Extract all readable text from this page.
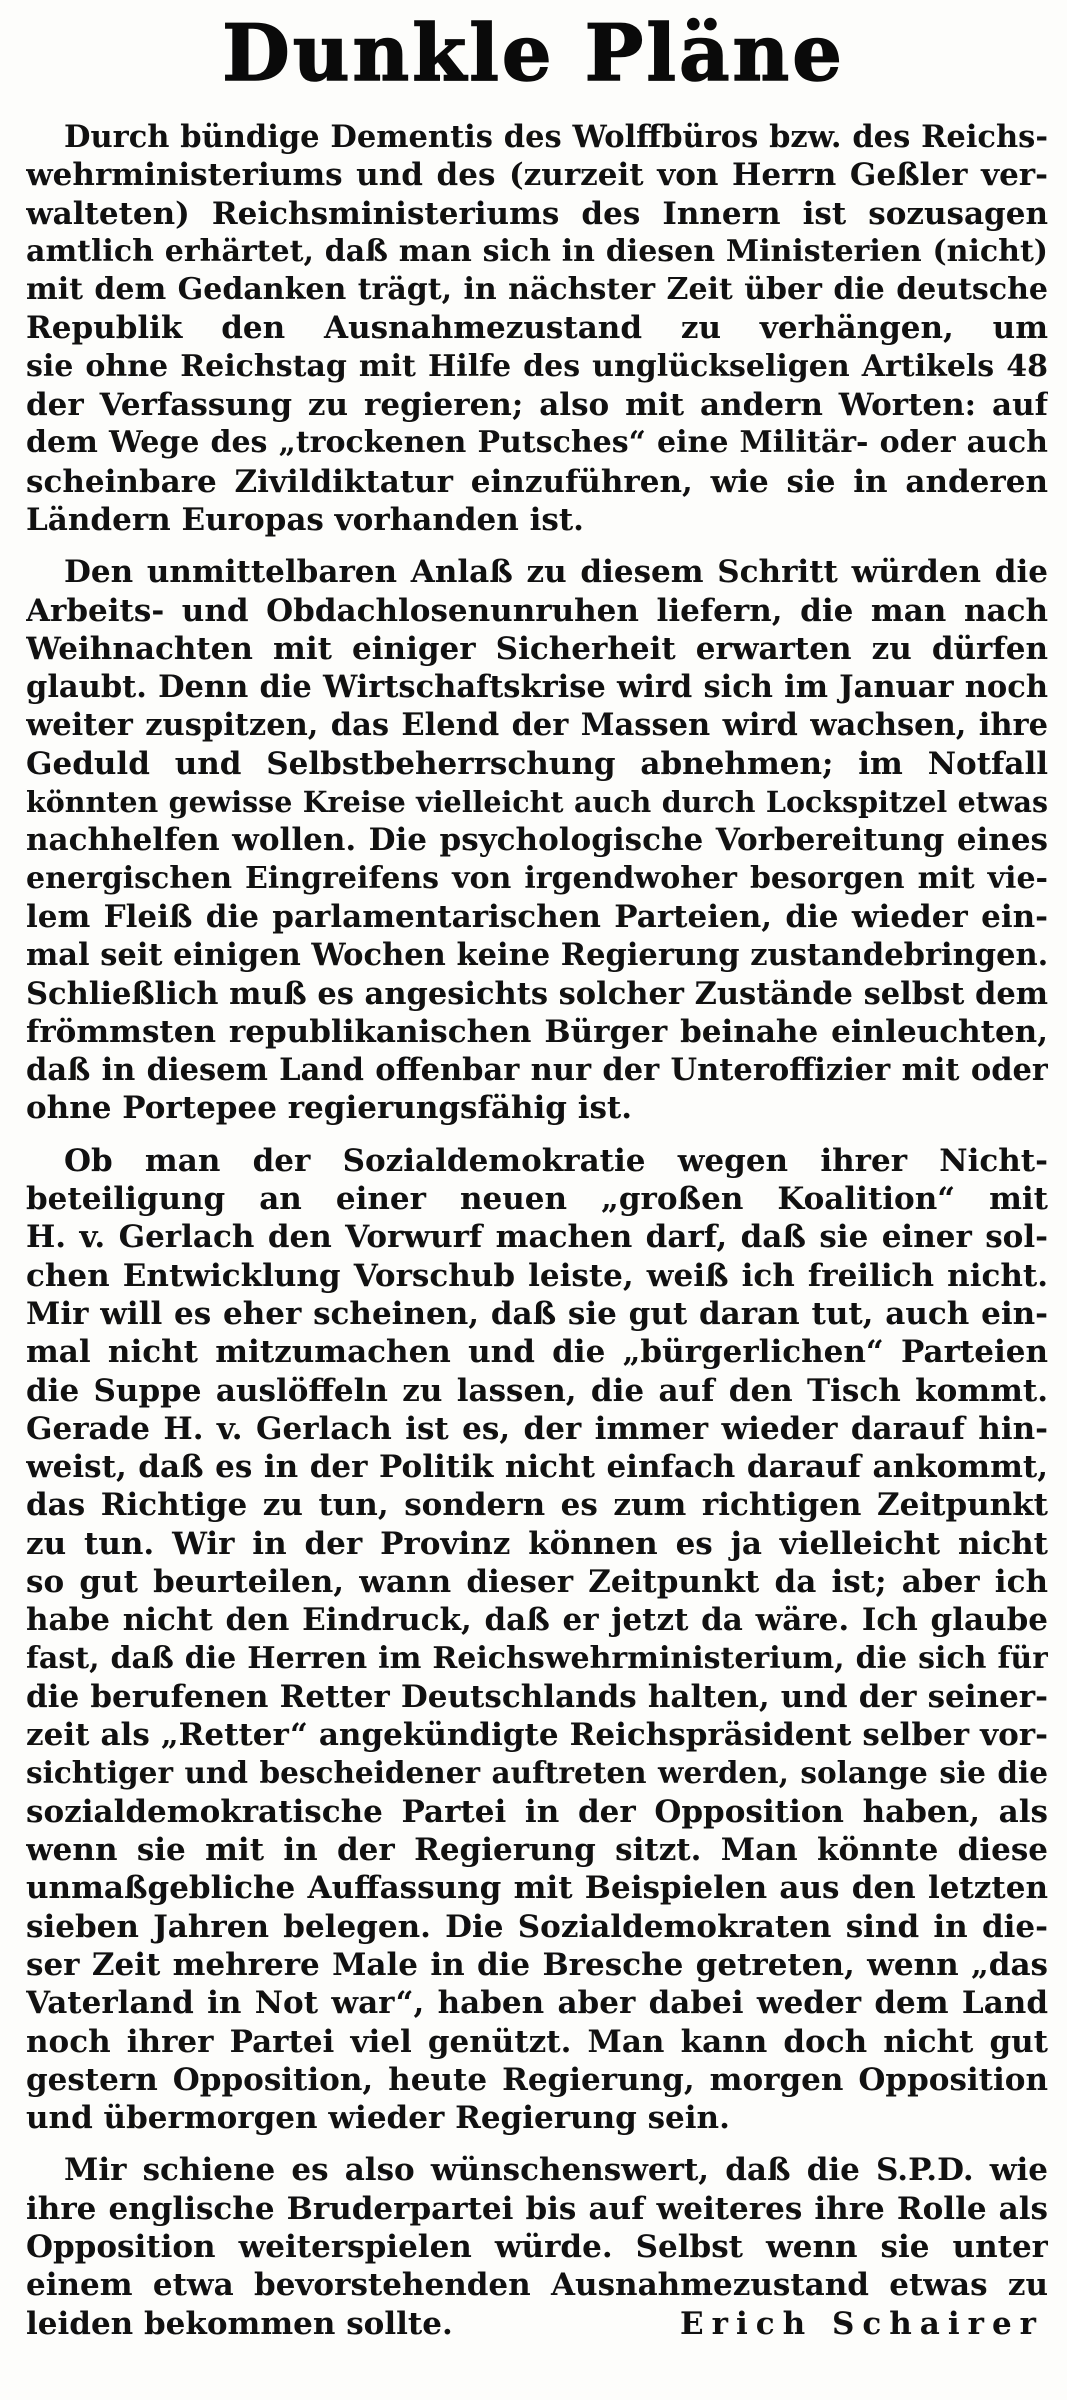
Dunkle Pläne
Durch bündige Dementis des Wolffbüros bzw. des Reichs-
wehrministeriums und des (zurzeit von Herrn Geßler ver-
walteten) Reichsministeriums des Innern ist sozusagen
amtlich erhärtet, daß man sich in diesen Ministerien (nicht)
mit dem Gedanken trägt, in nächster Zeit über die deutsche
Republik den Ausnahmezustand zu verhängen, um
sie ohne Reichstag mit Hilfe des unglückseligen Artikels 48
der Verfassung zu regieren; also mit andern Worten: auf
dem Wege des „trockenen Putsches“ eine Militär- oder auch
scheinbare Zivildiktatur einzuführen, wie sie in anderen
Ländern Europas vorhanden ist.
Den unmittelbaren Anlaß zu diesem Schritt würden die
Arbeits- und Obdachlosenunruhen liefern, die man nach
Weihnachten mit einiger Sicherheit erwarten zu dürfen
glaubt. Denn die Wirtschaftskrise wird sich im Januar noch
weiter zuspitzen, das Elend der Massen wird wachsen, ihre
Geduld und Selbstbeherrschung abnehmen; im Notfall
könnten gewisse Kreise vielleicht auch durch Lockspitzel etwas
nachhelfen wollen. Die psychologische Vorbereitung eines
energischen Eingreifens von irgendwoher besorgen mit vie-
lem Fleiß die parlamentarischen Parteien, die wieder ein-
mal seit einigen Wochen keine Regierung zustandebringen.
Schließlich muß es angesichts solcher Zustände selbst dem
frömmsten republikanischen Bürger beinahe einleuchten,
daß in diesem Land offenbar nur der Unteroffizier mit oder
ohne Portepee regierungsfähig ist.
Ob man der Sozialdemokratie wegen ihrer Nicht-
beteiligung an einer neuen „großen Koalition“ mit
H. v. Gerlach den Vorwurf machen darf, daß sie einer sol-
chen Entwicklung Vorschub leiste, weiß ich freilich nicht.
Mir will es eher scheinen, daß sie gut daran tut, auch ein-
mal nicht mitzumachen und die „bürgerlichen“ Parteien
die Suppe auslöffeln zu lassen, die auf den Tisch kommt.
Gerade H. v. Gerlach ist es, der immer wieder darauf hin-
weist, daß es in der Politik nicht einfach darauf ankommt,
das Richtige zu tun, sondern es zum richtigen Zeitpunkt
zu tun. Wir in der Provinz können es ja vielleicht nicht
so gut beurteilen, wann dieser Zeitpunkt da ist; aber ich
habe nicht den Eindruck, daß er jetzt da wäre. Ich glaube
fast, daß die Herren im Reichswehrministerium, die sich für
die berufenen Retter Deutschlands halten, und der seiner-
zeit als „Retter“ angekündigte Reichspräsident selber vor-
sichtiger und bescheidener auftreten werden, solange sie die
sozialdemokratische Partei in der Opposition haben, als
wenn sie mit in der Regierung sitzt. Man könnte diese
unmaßgebliche Auffassung mit Beispielen aus den letzten
sieben Jahren belegen. Die Sozialdemokraten sind in die-
ser Zeit mehrere Male in die Bresche getreten, wenn „das
Vaterland in Not war“, haben aber dabei weder dem Land
noch ihrer Partei viel genützt. Man kann doch nicht gut
gestern Opposition, heute Regierung, morgen Opposition
und übermorgen wieder Regierung sein.
Mir schiene es also wünschenswert, daß die S.P.D. wie
ihre englische Bruderpartei bis auf weiteres ihre Rolle als
Opposition weiterspielen würde. Selbst wenn sie unter
einem etwa bevorstehenden Ausnahmezustand etwas zu
leiden bekommen sollte.	Erich Schairer
